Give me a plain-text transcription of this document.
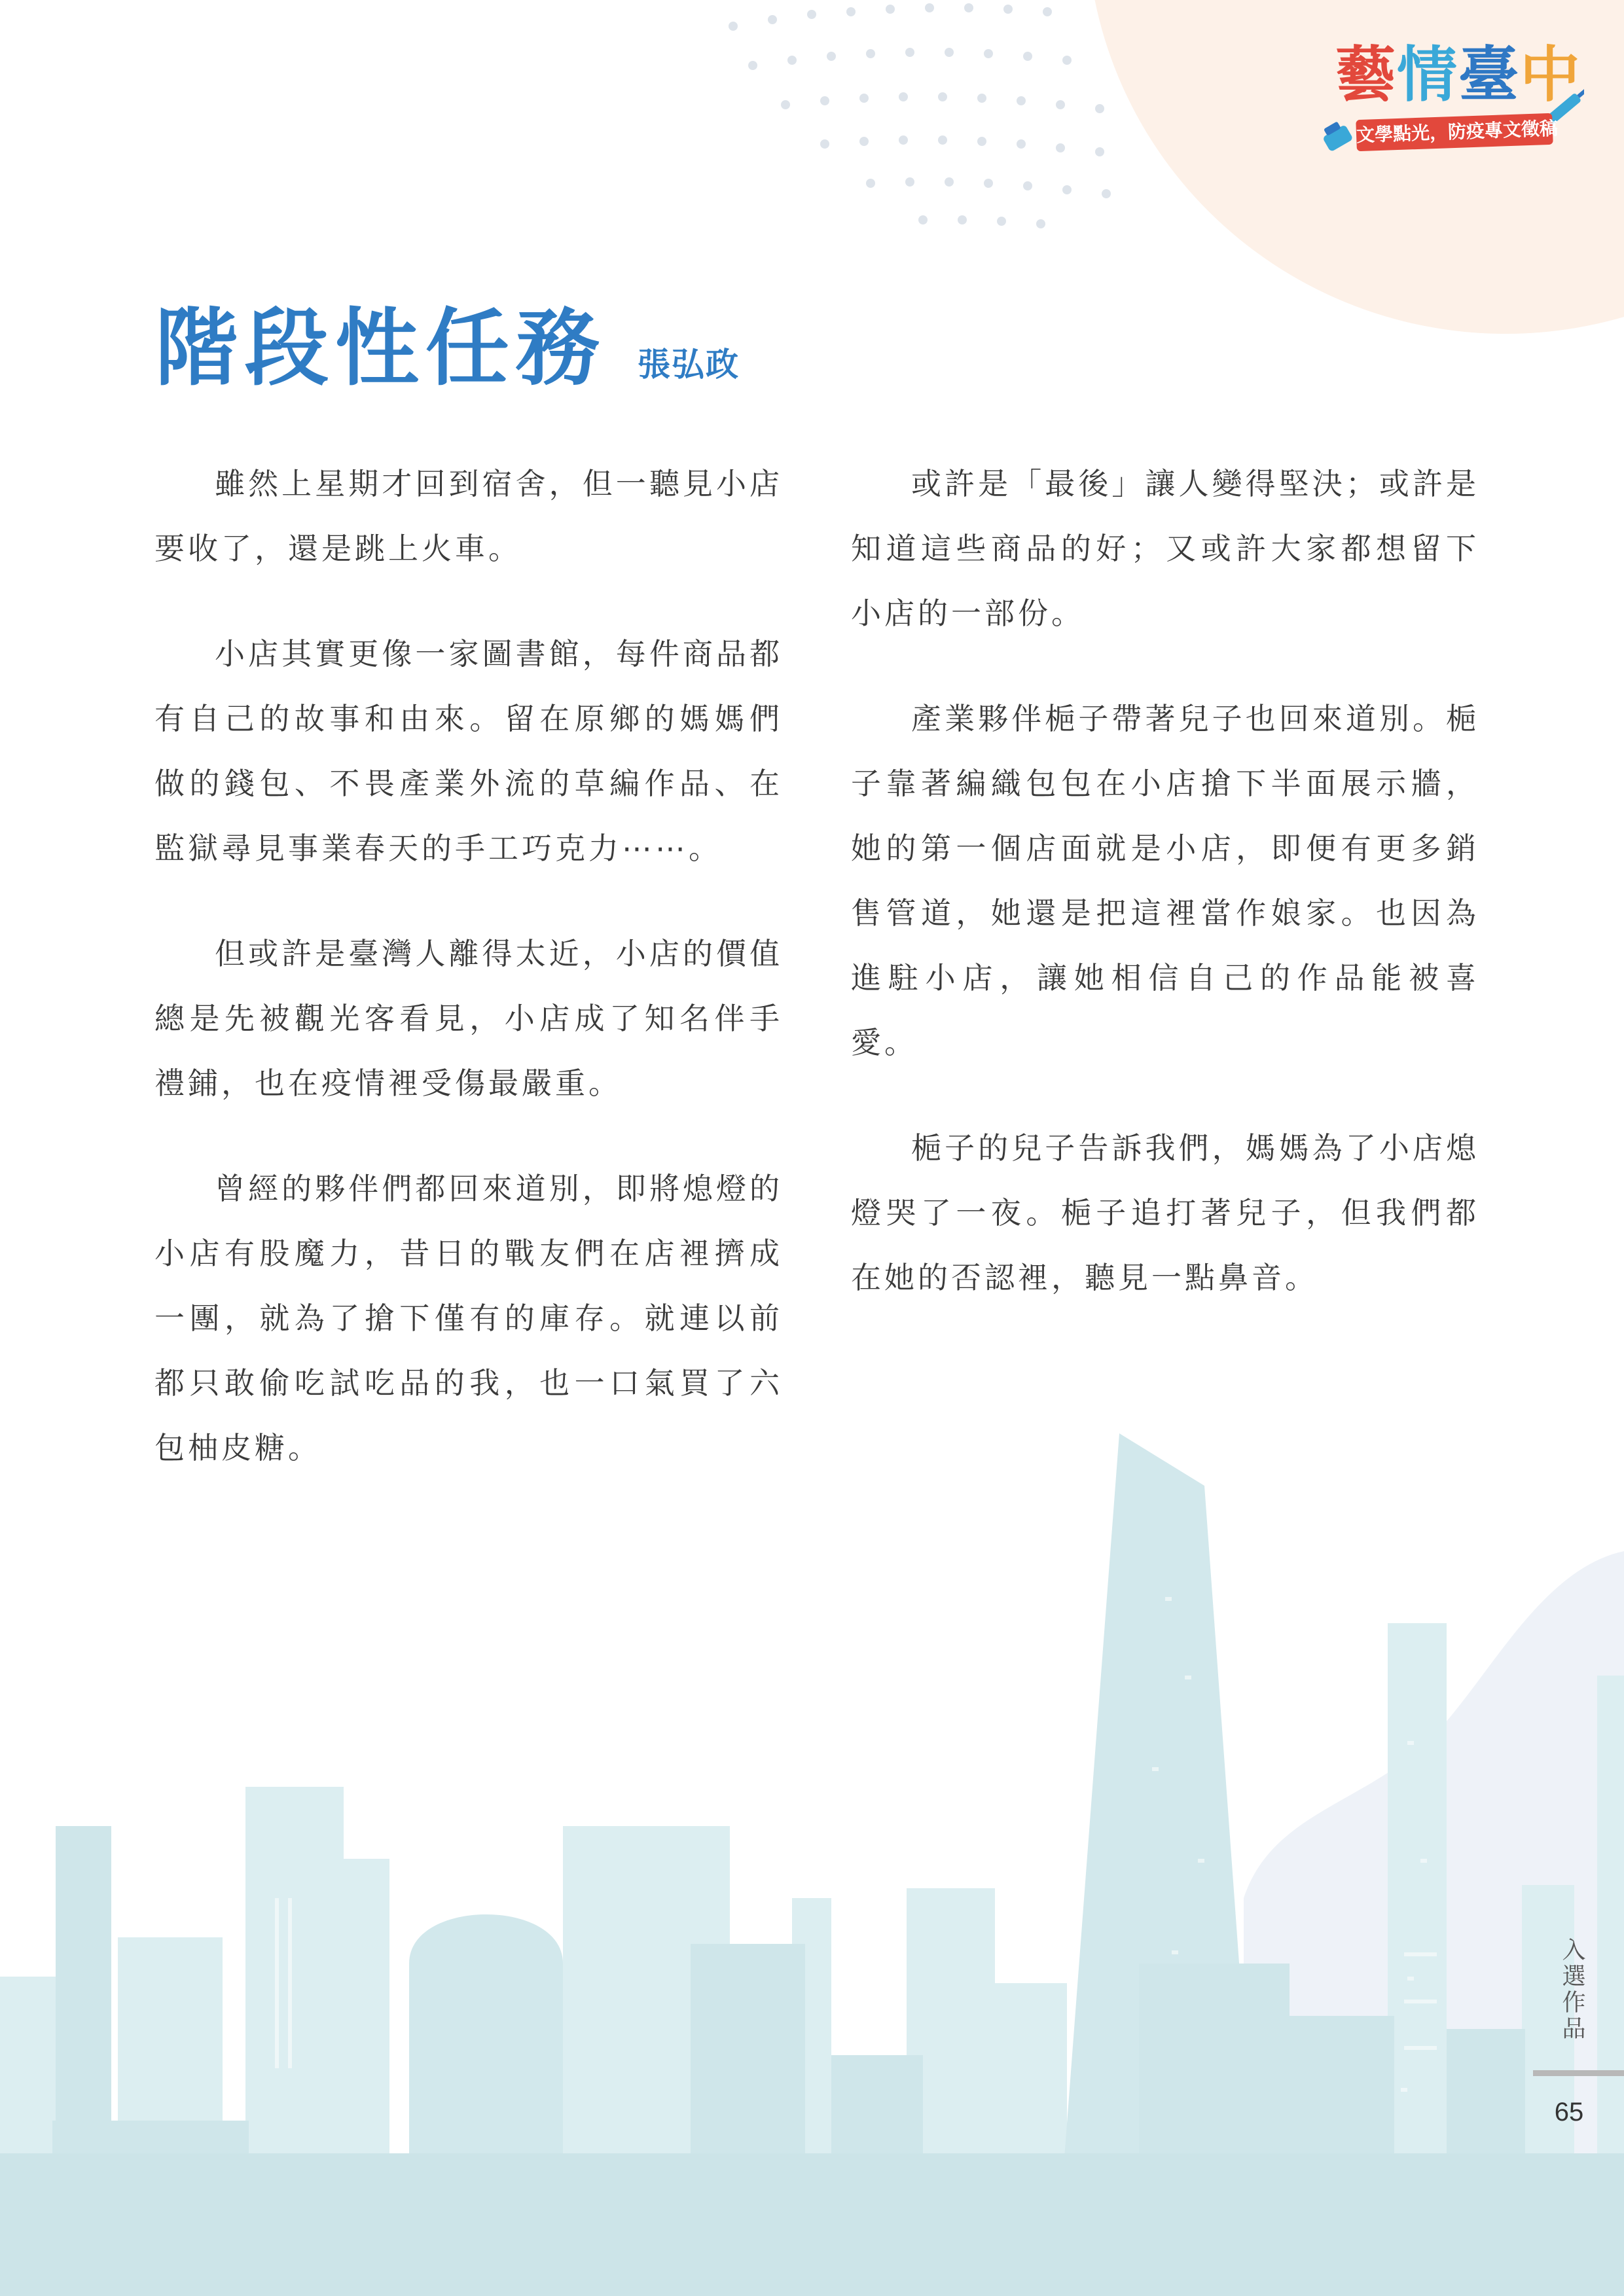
藝情臺中
文學點光，防疫專文徵稿
階段性任務 張弘政

雖然上星期才回到宿舍，但一聽見小店要收了，還是跳上火車。

小店其實更像一家圖書館，每件商品都有自己的故事和由來。留在原鄉的媽媽們做的錢包、不畏產業外流的草編作品、在監獄尋見事業春天的手工巧克力⋯⋯。

但或許是臺灣人離得太近，小店的價值總是先被觀光客看見，小店成了知名伴手禮鋪，也在疫情裡受傷最嚴重。

曾經的夥伴們都回來道別，即將熄燈的小店有股魔力，昔日的戰友們在店裡擠成一團，就為了搶下僅有的庫存。就連以前都只敢偷吃試吃品的我，也一口氣買了六包柚皮糖。

或許是「最後」讓人變得堅決；或許是知道這些商品的好；又或許大家都想留下小店的一部份。

產業夥伴梔子帶著兒子也回來道別。梔子靠著編織包包在小店搶下半面展示牆，她的第一個店面就是小店，即便有更多銷售管道，她還是把這裡當作娘家。也因為進駐小店，讓她相信自己的作品能被喜愛。

梔子的兒子告訴我們，媽媽為了小店熄燈哭了一夜。梔子追打著兒子，但我們都在她的否認裡，聽見一點鼻音。

入選作品
65
